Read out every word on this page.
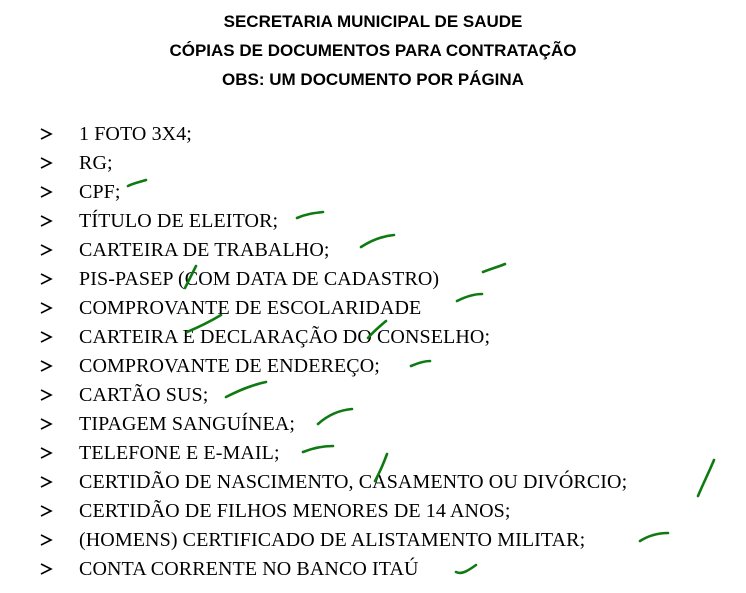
SECRETARIA MUNICIPAL DE SAUDE
CÓPIAS DE DOCUMENTOS PARA CONTRATAÇÃO
OBS: UM DOCUMENTO POR PÁGINA
1 FOTO 3X4;
RG;
CPF;
TÍTULO DE ELEITOR;
CARTEIRA DE TRABALHO;
PIS-PASEP (COM DATA DE CADASTRO)
COMPROVANTE DE ESCOLARIDADE
CARTEIRA E DECLARAÇÃO DO CONSELHO;
COMPROVANTE DE ENDEREÇO;
CARTÃO SUS;
TIPAGEM SANGUÍNEA;
TELEFONE E E-MAIL;
CERTIDÃO DE NASCIMENTO, CASAMENTO OU DIVÓRCIO;
CERTIDÃO DE FILHOS MENORES DE 14 ANOS;
(HOMENS) CERTIFICADO DE ALISTAMENTO MILITAR;
CONTA CORRENTE NO BANCO ITAÚ
